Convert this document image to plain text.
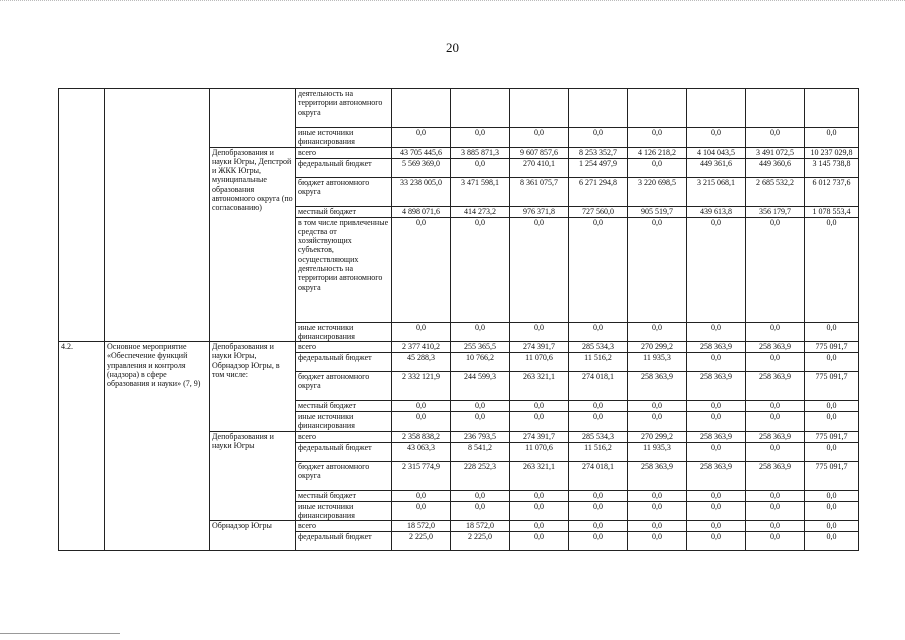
20
			деятельность на территории автономного округа								
			иные источники финансирования	0,0	0,0	0,0	0,0	0,0	0,0	0,0	0,0
		Депобразования и науки Югры, Депстрой и ЖКК Югры, муниципальные образования автономного округа (по согласованию)	всего	43 705 445,6	3 885 871,3	9 607 857,6	8 253 352,7	4 126 218,2	4 104 043,5	3 491 072,5	10 237 029,8
			федеральный бюджет	5 569 369,0	0,0	270 410,1	1 254 497,9	0,0	449 361,6	449 360,6	3 145 738,8
			бюджет автономного округа	33 238 005,0	3 471 598,1	8 361 075,7	6 271 294,8	3 220 698,5	3 215 068,1	2 685 532,2	6 012 737,6
			местный бюджет	4 898 071,6	414 273,2	976 371,8	727 560,0	905 519,7	439 613,8	356 179,7	1 078 553,4
			в том числе привлеченные средства от хозяйствующих субъектов, осуществляющих деятельность на территории автономного округа	0,0	0,0	0,0	0,0	0,0	0,0	0,0	0,0
			иные источники финансирования	0,0	0,0	0,0	0,0	0,0	0,0	0,0	0,0
4.2.	Основное мероприятие «Обеспечение функций управления и контроля (надзора) в сфере образования и науки» (7, 9)	Депобразования и науки Югры, Обрнадзор Югры, в том числе:	всего	2 377 410,2	255 365,5	274 391,7	285 534,3	270 299,2	258 363,9	258 363,9	775 091,7
			федеральный бюджет	45 288,3	10 766,2	11 070,6	11 516,2	11 935,3	0,0	0,0	0,0
			бюджет автономного округа	2 332 121,9	244 599,3	263 321,1	274 018,1	258 363,9	258 363,9	258 363,9	775 091,7
			местный бюджет	0,0	0,0	0,0	0,0	0,0	0,0	0,0	0,0
			иные источники финансирования	0,0	0,0	0,0	0,0	0,0	0,0	0,0	0,0
		Депобразования и науки Югры	всего	2 358 838,2	236 793,5	274 391,7	285 534,3	270 299,2	258 363,9	258 363,9	775 091,7
			федеральный бюджет	43 063,3	8 541,2	11 070,6	11 516,2	11 935,3	0,0	0,0	0,0
			бюджет автономного округа	2 315 774,9	228 252,3	263 321,1	274 018,1	258 363,9	258 363,9	258 363,9	775 091,7
			местный бюджет	0,0	0,0	0,0	0,0	0,0	0,0	0,0	0,0
			иные источники финансирования	0,0	0,0	0,0	0,0	0,0	0,0	0,0	0,0
		Обрнадзор Югры	всего	18 572,0	18 572,0	0,0	0,0	0,0	0,0	0,0	0,0
			федеральный бюджет	2 225,0	2 225,0	0,0	0,0	0,0	0,0	0,0	0,0
